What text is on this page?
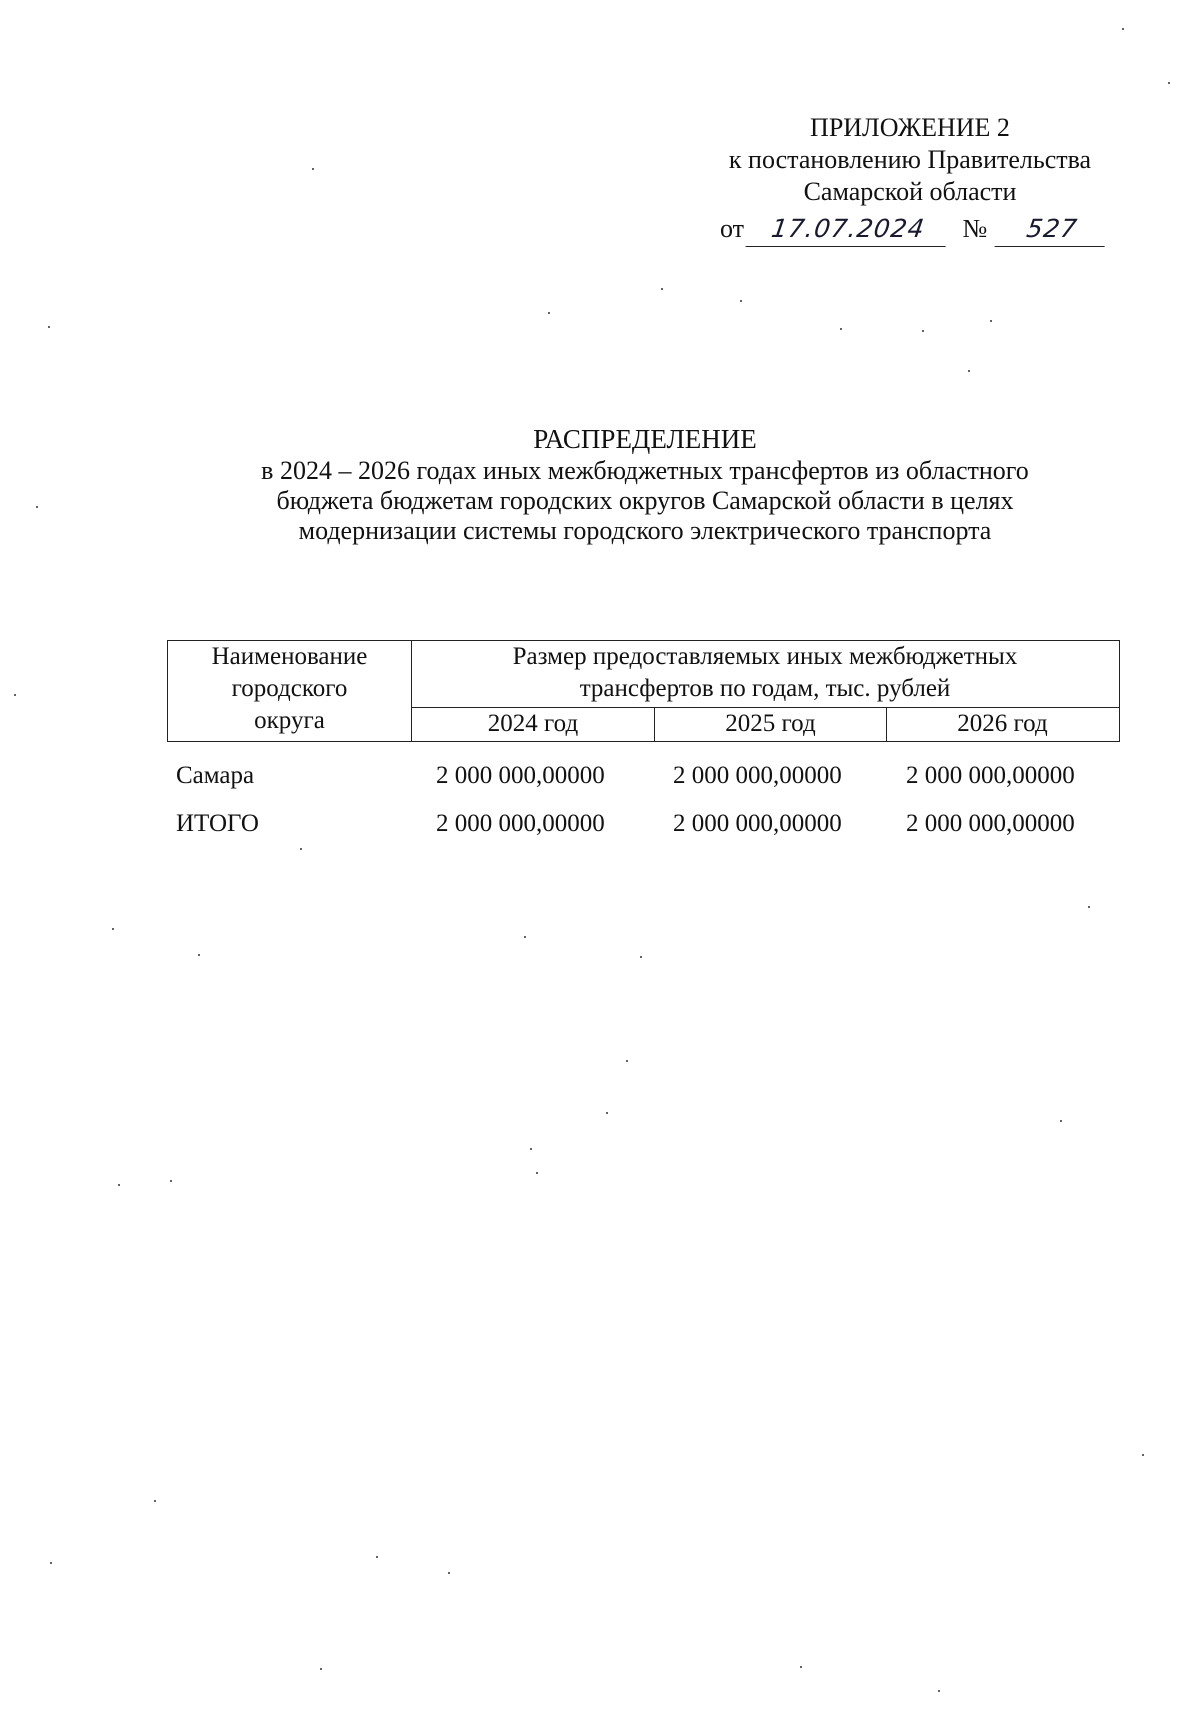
ПРИЛОЖЕНИЕ 2
к постановлению Правительства
Самарской области
от 17.07.2024 № 527
РАСПРЕДЕЛЕНИЕ
в 2024 – 2026 годах иных межбюджетных трансфертов из областного
бюджета бюджетам городских округов Самарской области в целях
модернизации системы городского электрического транспорта
Наименование
городского
округа
Размер предоставляемых иных межбюджетных
трансфертов по годам, тыс. рублей
2024 год	2025 год	2026 год
Самара	2 000 000,00000	2 000 000,00000	2 000 000,00000
ИТОГО	2 000 000,00000	2 000 000,00000	2 000 000,00000
